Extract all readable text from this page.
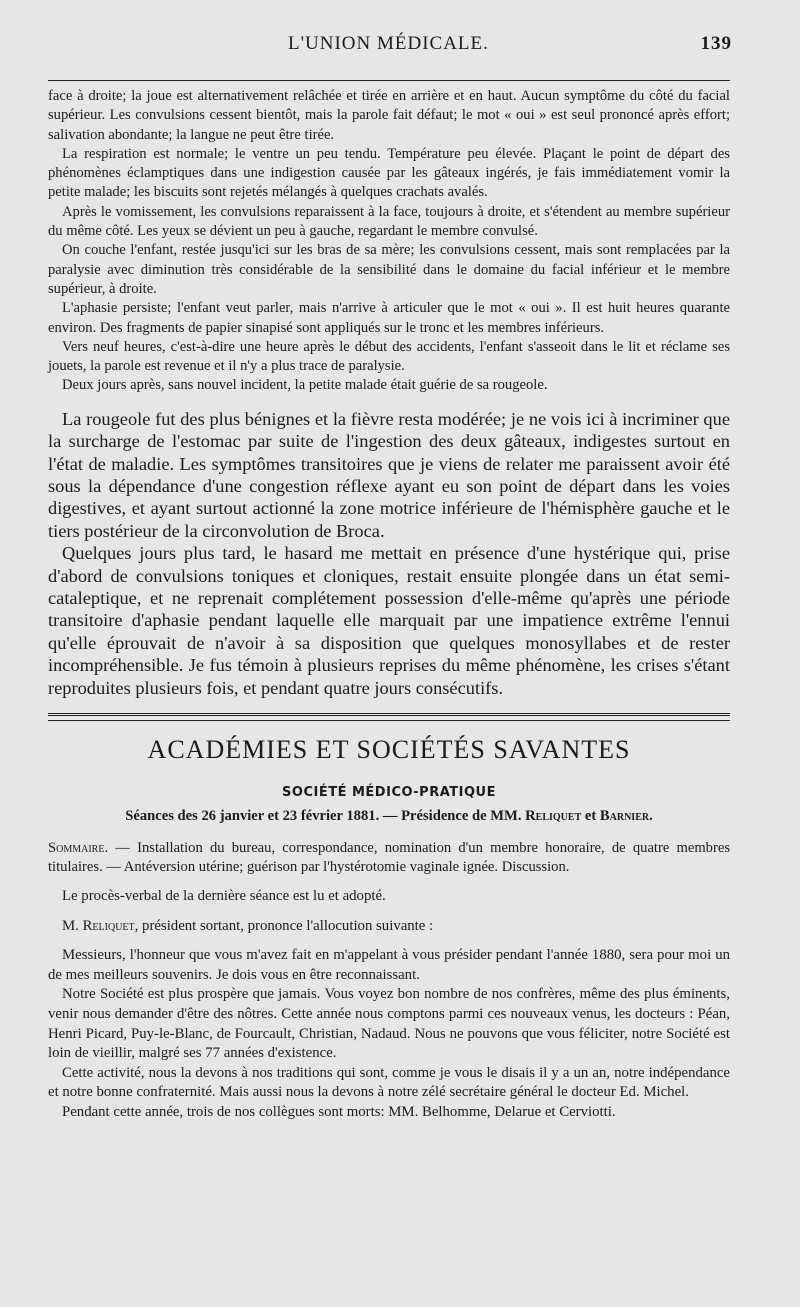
L'UNION MÉDICALE.	139

face à droite; la joue est alternativement relâchée et tirée en arrière et en haut. Aucun symptôme du côté du facial supérieur. Les convulsions cessent bientôt, mais la parole fait défaut; le mot « oui » est seul prononcé après effort; salivation abondante; la langue ne peut être tirée.

La respiration est normale; le ventre un peu tendu. Température peu élevée. Plaçant le point de départ des phénomènes éclamptiques dans une indigestion causée par les gâteaux ingérés, je fais immédiatement vomir la petite malade; les biscuits sont rejetés mélangés à quelques crachats avalés.

Après le vomissement, les convulsions reparaissent à la face, toujours à droite, et s'étendent au membre supérieur du même côté. Les yeux se dévient un peu à gauche, regardant le membre convulsé.

On couche l'enfant, restée jusqu'ici sur les bras de sa mère; les convulsions cessent, mais sont remplacées par la paralysie avec diminution très considérable de la sensibilité dans le domaine du facial inférieur et le membre supérieur, à droite.

L'aphasie persiste; l'enfant veut parler, mais n'arrive à articuler que le mot « oui ». Il est huit heures quarante environ. Des fragments de papier sinapisé sont appliqués sur le tronc et les membres inférieurs.

Vers neuf heures, c'est-à-dire une heure après le début des accidents, l'enfant s'asseoit dans le lit et réclame ses jouets, la parole est revenue et il n'y a plus trace de paralysie.

Deux jours après, sans nouvel incident, la petite malade était guérie de sa rougeole.

La rougeole fut des plus bénignes et la fièvre resta modérée; je ne vois ici à incriminer que la surcharge de l'estomac par suite de l'ingestion des deux gâteaux, indigestes surtout en l'état de maladie. Les symptômes transitoires que je viens de relater me paraissent avoir été sous la dépendance d'une congestion réflexe ayant eu son point de départ dans les voies digestives, et ayant surtout actionné la zone motrice inférieure de l'hémisphère gauche et le tiers postérieur de la circonvolution de Broca.

Quelques jours plus tard, le hasard me mettait en présence d'une hystérique qui, prise d'abord de convulsions toniques et cloniques, restait ensuite plongée dans un état semi-cataleptique, et ne reprenait complétement possession d'elle-même qu'après une période transitoire d'aphasie pendant laquelle elle marquait par une impatience extrême l'ennui qu'elle éprouvait de n'avoir à sa disposition que quelques monosyllabes et de rester incompréhensible. Je fus témoin à plusieurs reprises du même phénomène, les crises s'étant reproduites plusieurs fois, et pendant quatre jours consécutifs.

ACADÉMIES ET SOCIÉTÉS SAVANTES
SOCIÉTÉ MÉDICO-PRATIQUE
Séances des 26 janvier et 23 février 1881. — Présidence de MM. Reliquet et Barnier.
Sommaire. — Installation du bureau, correspondance, nomination d'un membre honoraire, de quatre membres titulaires. — Antéversion utérine; guérison par l'hystérotomie vaginale ignée. Discussion.

Le procès-verbal de la dernière séance est lu et adopté.

M. Reliquet, président sortant, prononce l'allocution suivante :

Messieurs, l'honneur que vous m'avez fait en m'appelant à vous présider pendant l'année 1880, sera pour moi un de mes meilleurs souvenirs. Je dois vous en être reconnaissant.

Notre Société est plus prospère que jamais. Vous voyez bon nombre de nos confrères, même des plus éminents, venir nous demander d'être des nôtres. Cette année nous comptons parmi ces nouveaux venus, les docteurs : Péan, Henri Picard, Puy-le-Blanc, de Fourcault, Christian, Nadaud. Nous ne pouvons que vous féliciter, notre Société est loin de vieillir, malgré ses 77 années d'existence.

Cette activité, nous la devons à nos traditions qui sont, comme je vous le disais il y a un an, notre indépendance et notre bonne confraternité. Mais aussi nous la devons à notre zélé secrétaire général le docteur Ed. Michel.

Pendant cette année, trois de nos collègues sont morts: MM. Belhomme, Delarue et Cerviotti.
